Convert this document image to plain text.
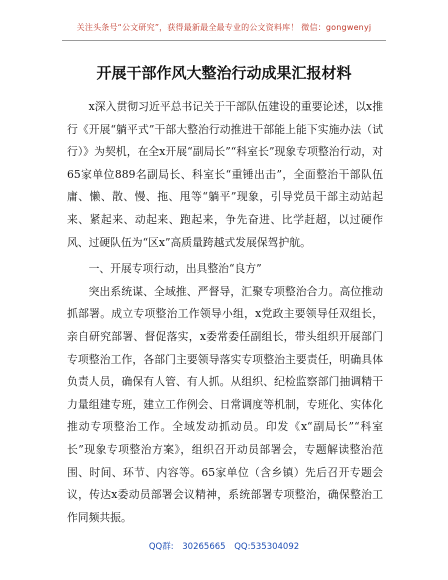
关注头条号“公文研究”，获得最新最全最专业的公文资料库！ 微信：gongwenyj
开展干部作风大整治行动成果汇报材料

x深入贯彻习近平总书记关于干部队伍建设的重要论述，以x推行《开展“躺平式”干部大整治行动推进干部能上能下实施办法（试行）》为契机，在全x开展“副局长”“科室长”现象专项整治行动，对65家单位889名副局长、科室长“重锤出击”，全面整治干部队伍庸、懒、散、慢、拖、甩等“躺平”现象，引导党员干部主动站起来、紧起来、动起来、跑起来，争先奋进、比学赶超，以过硬作风、过硬队伍为“区x”高质量跨越式发展保驾护航。

一、开展专项行动，出具整治“良方”

突出系统谋、全域推、严督导，汇聚专项整治合力。高位推动抓部署。成立专项整治工作领导小组，x党政主要领导任双组长，亲自研究部署、督促落实，x委常委任副组长，带头组织开展部门专项整治工作，各部门主要领导落实专项整治主要责任，明确具体负责人员，确保有人管、有人抓。从组织、纪检监察部门抽调精干力量组建专班，建立工作例会、日常调度等机制，专班化、实体化推动专项整治工作。全域发动抓动员。印发《x“副局长”“科室长”现象专项整治方案》，组织召开动员部署会，专题解读整治范围、时间、环节、内容等。65家单位（含乡镇）先后召开专题会议，传达x委动员部署会议精神，系统部署专项整治，确保整治工作同频共振。

QQ群: 30265665 QQ:535304092
